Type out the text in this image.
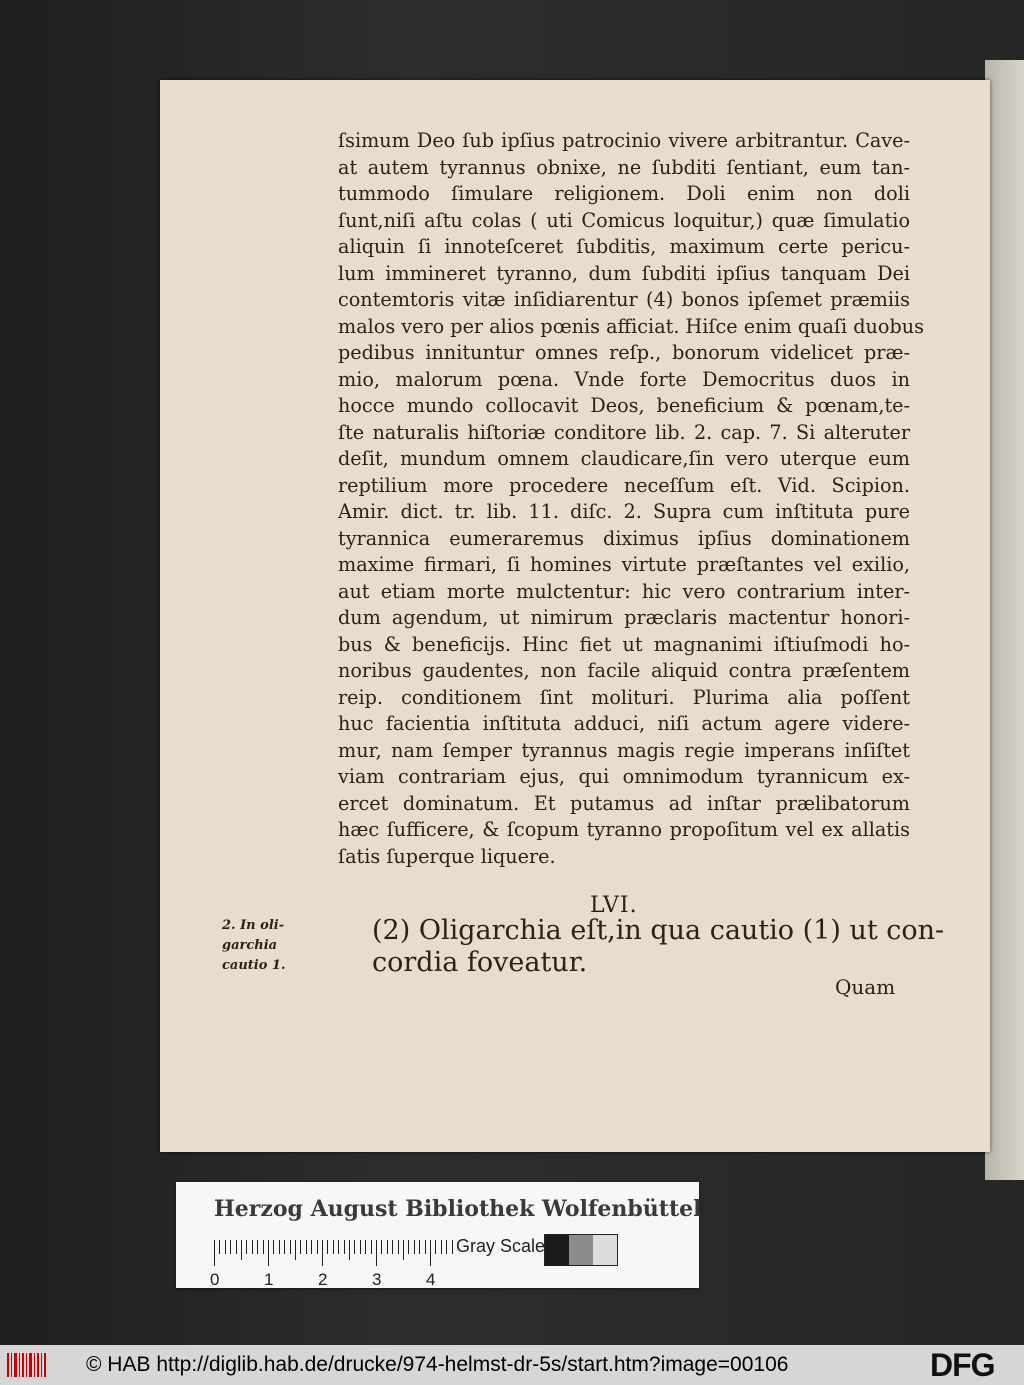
ſsimum Deo ſub ipſius patrocinio vivere arbitrantur. Cave-
at autem tyrannus obnixe, ne ſubditi ſentiant, eum tan-
tummodo ſimulare religionem. Doli enim non doli
ſunt,niſi aſtu colas ( uti Comicus loquitur,) quæ ſimulatio
aliquin ſi innoteſceret ſubditis, maximum certe pericu-
lum immineret tyranno, dum ſubditi ipſius tanquam Dei
contemtoris vitæ inſidiarentur (4) bonos ipſemet præmiis
malos vero per alios pœnis afficiat. Hiſce enim quaſi duobus
pedibus innituntur omnes reſp., bonorum videlicet præ-
mio, malorum pœna. Vnde forte Democritus duos in
hocce mundo collocavit Deos, beneficium & pœnam,te-
ſte naturalis hiſtoriæ conditore lib. 2. cap. 7. Si alteruter
deſit, mundum omnem claudicare,ſin vero uterque eum
reptilium more procedere neceſſum eſt. Vid. Scipion.
Amir. dict. tr. lib. 11. diſc. 2. Supra cum inſtituta pure
tyrannica eumeraremus diximus ipſius dominationem
maxime firmari, ſi homines virtute præſtantes vel exilio,
aut etiam morte mulctentur: hic vero contrarium inter-
dum agendum, ut nimirum præclaris mactentur honori-
bus & beneficijs. Hinc fiet ut magnanimi iſtiuſmodi ho-
noribus gaudentes, non facile aliquid contra præſentem
reip. conditionem ſint molituri. Plurima alia poſſent
huc facientia inſtituta adduci, niſi actum agere videre-
mur, nam ſemper tyrannus magis regie imperans inſiſtet
viam contrariam ejus, qui omnimodum tyrannicum ex-
ercet dominatum. Et putamus ad inſtar prælibatorum
hæc ſufficere, & ſcopum tyranno propoſitum vel ex allatis
ſatis ſuperque liquere.
LVI.
2. In oli-
garchia
cautio 1.
(2) Oligarchia eſt,in qua cautio (1) ut con-
cordia foveatur.
Quam
Herzog August Bibliothek Wolfenbüttel
0	1	2	3	4
Gray Scale
© HAB http://diglib.hab.de/drucke/974-helmst-dr-5s/start.htm?image=00106	DFG
